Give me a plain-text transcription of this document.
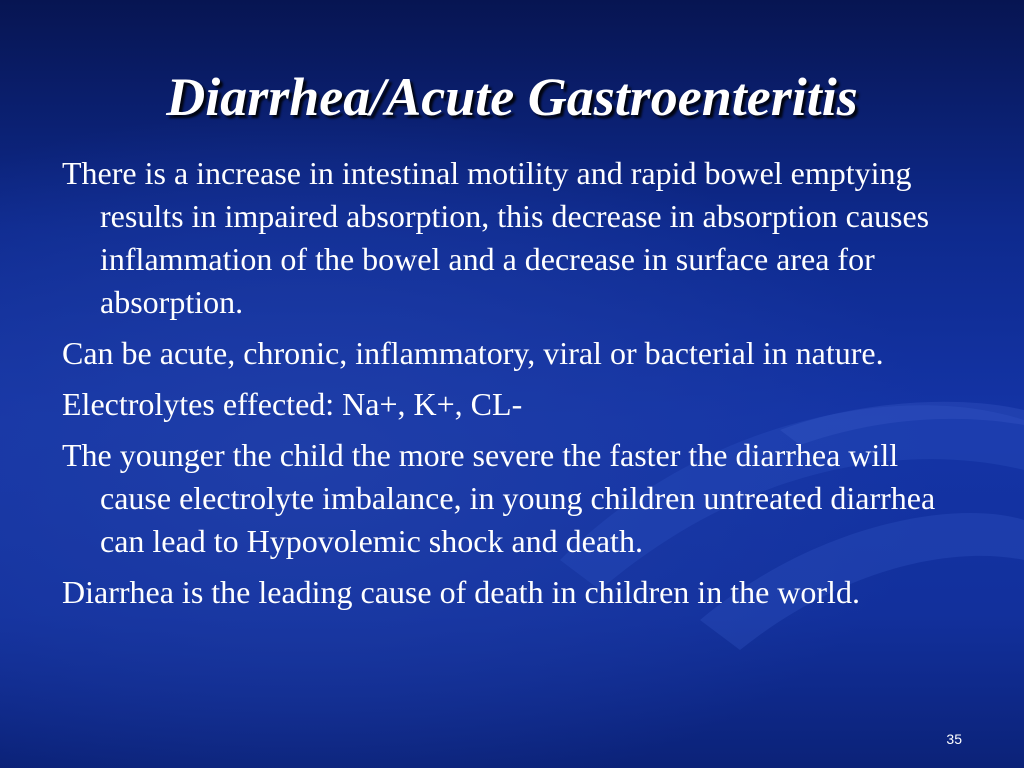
Diarrhea/Acute Gastroenteritis
There is a increase in intestinal motility and rapid bowel emptying results in impaired absorption, this decrease in absorption causes inflammation of the bowel and a decrease in surface area for absorption.
Can be acute, chronic, inflammatory, viral or bacterial in nature.
Electrolytes effected: Na+, K+, CL-
The younger the child the more severe the faster the diarrhea will cause electrolyte imbalance, in young children untreated diarrhea can lead to Hypovolemic shock and death.
Diarrhea is the leading cause of death in children in the world.
35
